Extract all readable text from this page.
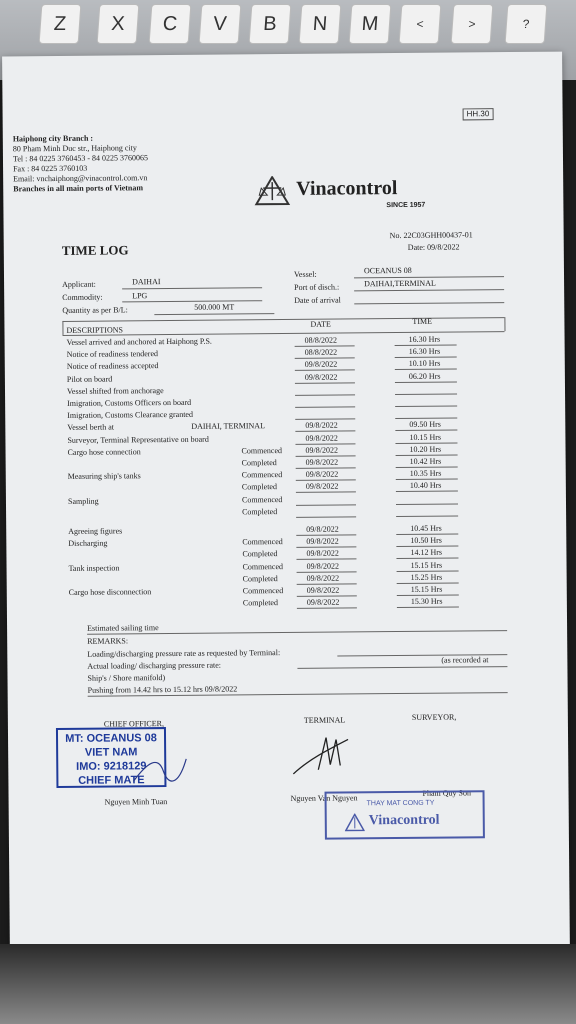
Z	X	C	V	B	N	M	<	>	?
HH.30
Haiphong city Branch :
80 Pham Minh Duc str., Haiphong city
Tel : 84 0225 3760453 - 84 0225 3760065
Fax : 84 0225 3760103
Email: vnchaiphong@vinacontrol.com.vn
Branches in all main ports of Vietnam	Vinacontrol
SINCE 1957
TIME LOG
No. 22C03GHH00437-01
Date: 09/8/2022
Applicant:	DAIHAI
Commodity:	LPG
Quantity as per B/L:	500.000 MT
Vessel:	OCEANUS 08
Port of disch.:	DAIHAI,TERMINAL
Date of arrival
DESCRIPTIONS
DATE	TIME
Vessel arrived and anchored at Haiphong P.S.	08/8/2022	16.30 Hrs
Notice of readiness tendered	08/8/2022	16.30 Hrs
Notice of readiness accepted	09/8/2022	10.10 Hrs
Pilot on board	09/8/2022	06.20 Hrs
Vessel shifted from anchorage
Imigration, Customs Officers on board
Imigration, Customs Clearance granted
Vessel berth at	DAIHAI, TERMINAL	09/8/2022	09.50 Hrs
Surveyor, Terminal Representative on board	09/8/2022	10.15 Hrs
Cargo hose connection	Commenced	09/8/2022	10.20 Hrs
Completed	09/8/2022	10.42 Hrs
Measuring ship's tanks	Commenced	09/8/2022	10.35 Hrs
Completed	09/8/2022	10.40 Hrs
Sampling	Commenced
Completed
Agreeing figures	09/8/2022	10.45 Hrs
Discharging	Commenced	09/8/2022	10.50 Hrs
Completed	09/8/2022	14.12 Hrs
Tank inspection	Commenced	09/8/2022	15.15 Hrs
Completed	09/8/2022	15.25 Hrs
Cargo hose disconnection	Commenced	09/8/2022	15.15 Hrs
Completed	09/8/2022	15.30 Hrs
Estimated sailing time
REMARKS:
Loading/discharging pressure rate as requested by Terminal:
Actual loading/ discharging pressure rate:
(as recorded at
Ship's / Shore manifold)
Pushing from 14.42 hrs to 15.12 hrs 09/8/2022
CHIEF OFFICER,	TERMINAL	SURVEYOR,
MT: OCEANUS 08
VIET NAM
IMO: 9218129
CHIEF MATE
Nguyen Minh Tuan	Nguyen Van Nguyen
Pham Quy Son
THAY MAT CONG TY
Vinacontrol
